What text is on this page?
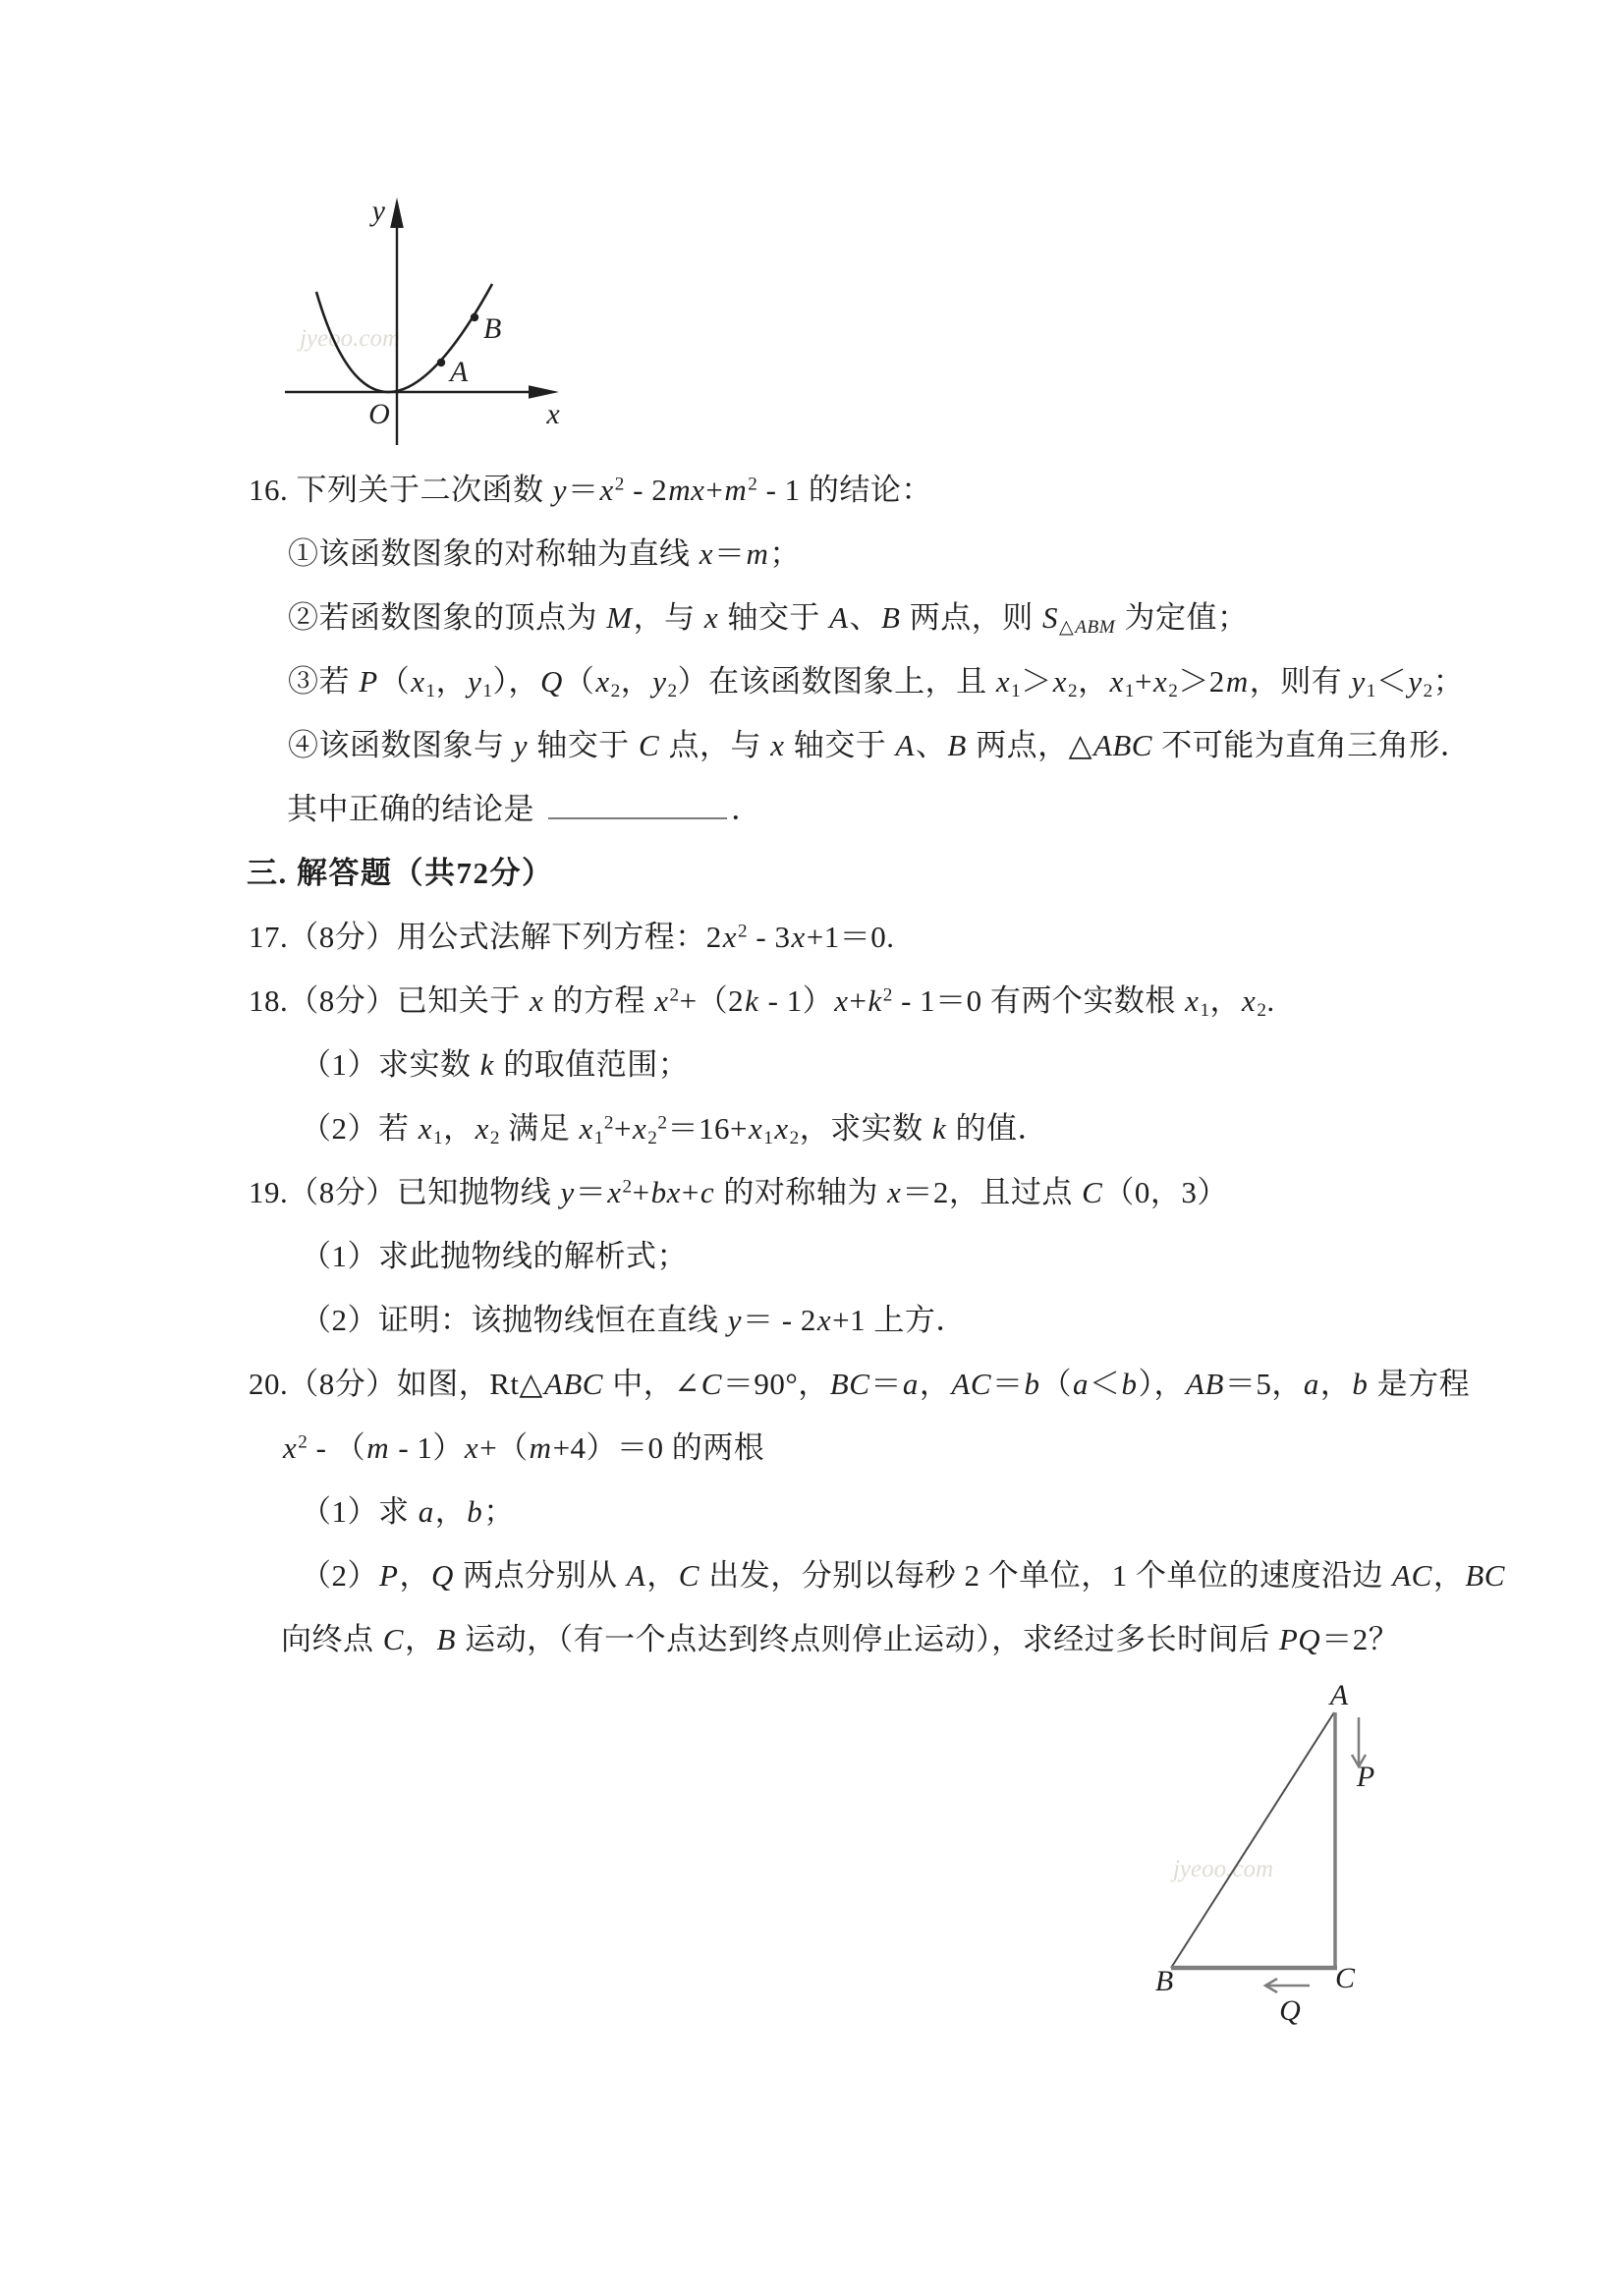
jyeoo.com
y
x
O
A
B
16. 下列关于二次函数 $y=x^2 - 2mx+m^2 - 1$ 的结论：
①该函数图象的对称轴为直线 x＝m；
②若函数图象的顶点为 M，与 x 轴交于 A、B 两点，则 $S_{\triangle ABM}$ 为定值；
③若 $P(x_1$，$y_1$），$Q(x_2$，$y_2$）在该函数图象上，且 $x_1>x_2$，$x_1+x_2>2m$，则有 $y_1<y_2$；
④该函数图象与 y 轴交于 C 点，与 x 轴交于 A、B 两点，△ABC 不可能为直角三角形．
其中正确的结论是	．
三. 解答题（共72分）
17.（8分）用公式法解下列方程：$2x^2 - 3x+1=0$.
18.（8分）已知关于 x 的方程 $x^2+(2k - 1)x+k^2 - 1=0$ 有两个实数根 $x_1$，$x_2$.
（1）求实数 k 的取值范围；
（2）若 $x_1$，$x_2$ 满足 $x_1^2+x_2^2=16+x_1x_2$，求实数 k 的值．
19.（8分）已知抛物线 $y=x^2+bx+c$ 的对称轴为 x＝2，且过点 C（0，3）
（1）求此抛物线的解析式；
（2）证明：该抛物线恒在直线 y＝ - 2x+1 上方．
20.（8分）如图，Rt△ABC 中，∠C＝90°，BC＝a，AC＝b（a＜b），AB＝5，a，b 是方程
$x^2 - (m - 1)x+(m+4)=0$ 的两根
（1）求 a，b；
（2）P，Q 两点分别从 A，C 出发，分别以每秒 2 个单位，1 个单位的速度沿边 AC，BC
向终点 C，B 运动，（有一个点达到终点则停止运动），求经过多长时间后 PQ＝2？
jyeoo.com
A
B	C
P
Q
